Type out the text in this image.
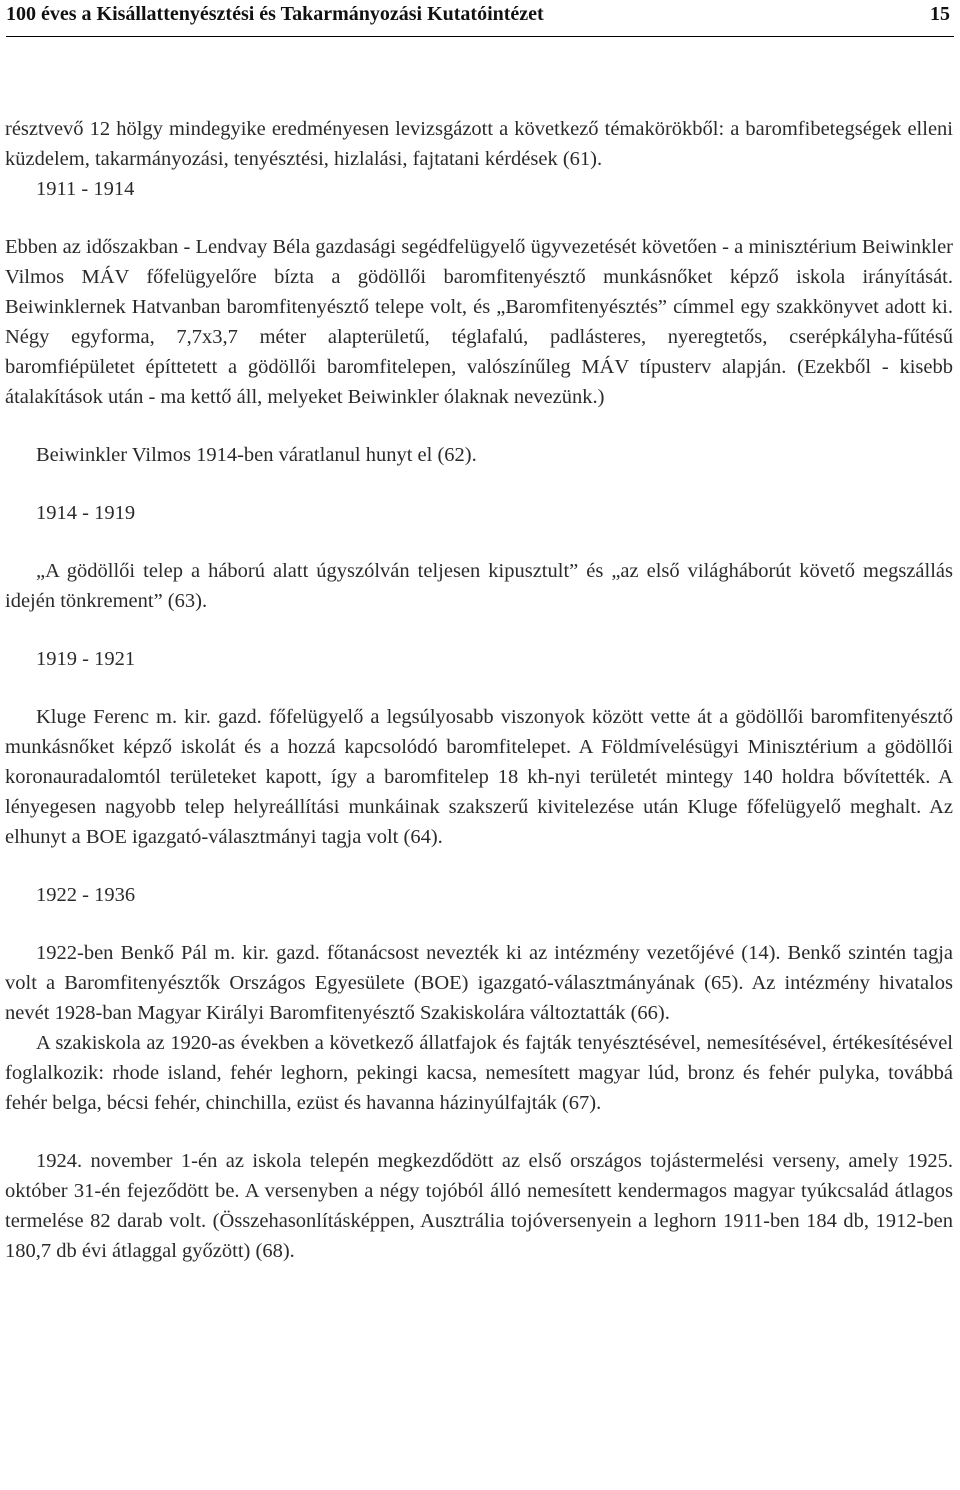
100 éves a Kisállattenyésztési és Takarmányozási Kutatóintézet	15

résztvevő 12 hölgy mindegyike eredményesen levizsgázott a következő témakörökből: a baromfibetegségek elleni küzdelem, takarmányozási, tenyésztési, hizlalási, fajtatani kérdések (61).

1911 - 1914

Ebben az időszakban - Lendvay Béla gazdasági segédfelügyelő ügyvezetését követően - a minisztérium Beiwinkler Vilmos MÁV főfelügyelőre bízta a gödöllői baromfitenyésztő munkásnőket képző iskola irányítását. Beiwinklernek Hatvanban baromfitenyésztő telepe volt, és „Baromfitenyésztés” címmel egy szakkönyvet adott ki. Négy egyforma, 7,7x3,7 méter alapterületű, téglafalú, padlásteres, nyeregtetős, cserépkályha-fűtésű baromfiépületet építtetett a gödöllői baromfitelepen, valószínűleg MÁV típusterv alapján. (Ezekből - kisebb átalakítások után - ma kettő áll, melyeket Beiwinkler ólaknak nevezünk.)

Beiwinkler Vilmos 1914-ben váratlanul hunyt el (62).

1914 - 1919

„A gödöllői telep a háború alatt úgyszólván teljesen kipusztult” és „az első világháborút követő megszállás idején tönkrement” (63).

1919 - 1921

Kluge Ferenc m. kir. gazd. főfelügyelő a legsúlyosabb viszonyok között vette át a gödöllői baromfitenyésztő munkásnőket képző iskolát és a hozzá kapcsolódó baromfitelepet. A Földmívelésügyi Minisztérium a gödöllői koronauradalomtól területeket kapott, így a baromfitelep 18 kh-nyi területét mintegy 140 holdra bővítették. A lényegesen nagyobb telep helyreállítási munkáinak szakszerű kivitelezése után Kluge főfelügyelő meghalt. Az elhunyt a BOE igazgató-választmányi tagja volt (64).

1922 - 1936

1922-ben Benkő Pál m. kir. gazd. főtanácsost nevezték ki az intézmény vezetőjévé (14). Benkő szintén tagja volt a Baromfitenyésztők Országos Egyesülete (BOE) igazgató-választmányának (65). Az intézmény hivatalos nevét 1928-ban Magyar Királyi Baromfitenyésztő Szakiskolára változtatták (66).

A szakiskola az 1920-as években a következő állatfajok és fajták tenyésztésével, nemesítésével, értékesítésével foglalkozik: rhode island, fehér leghorn, pekingi kacsa, nemesített magyar lúd, bronz és fehér pulyka, továbbá fehér belga, bécsi fehér, chinchilla, ezüst és havanna házinyúlfajták (67).

1924. november 1-én az iskola telepén megkezdődött az első országos tojástermelési verseny, amely 1925. október 31-én fejeződött be. A versenyben a négy tojóból álló nemesített kendermagos magyar tyúkcsalád átlagos termelése 82 darab volt. (Összehasonlításképpen, Ausztrália tojóversenyein a leghorn 1911-ben 184 db, 1912-ben 180,7 db évi átlaggal győzött) (68).
